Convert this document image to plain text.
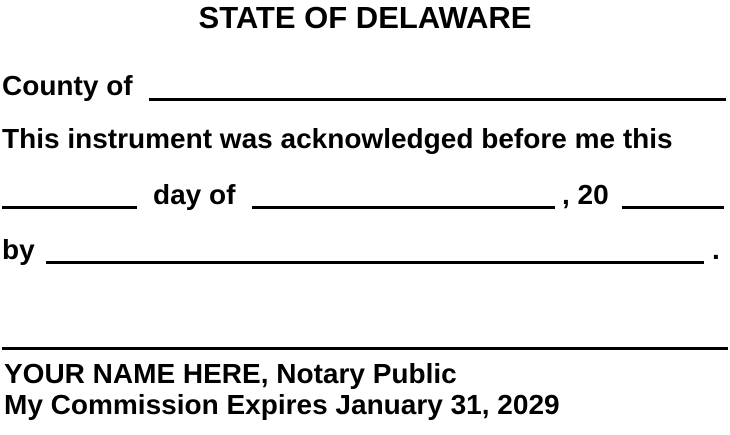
STATE OF DELAWARE
County of
This instrument was acknowledged before me this
day of	, 20
by	.
YOUR NAME HERE, Notary Public
My Commission Expires January 31, 2029
